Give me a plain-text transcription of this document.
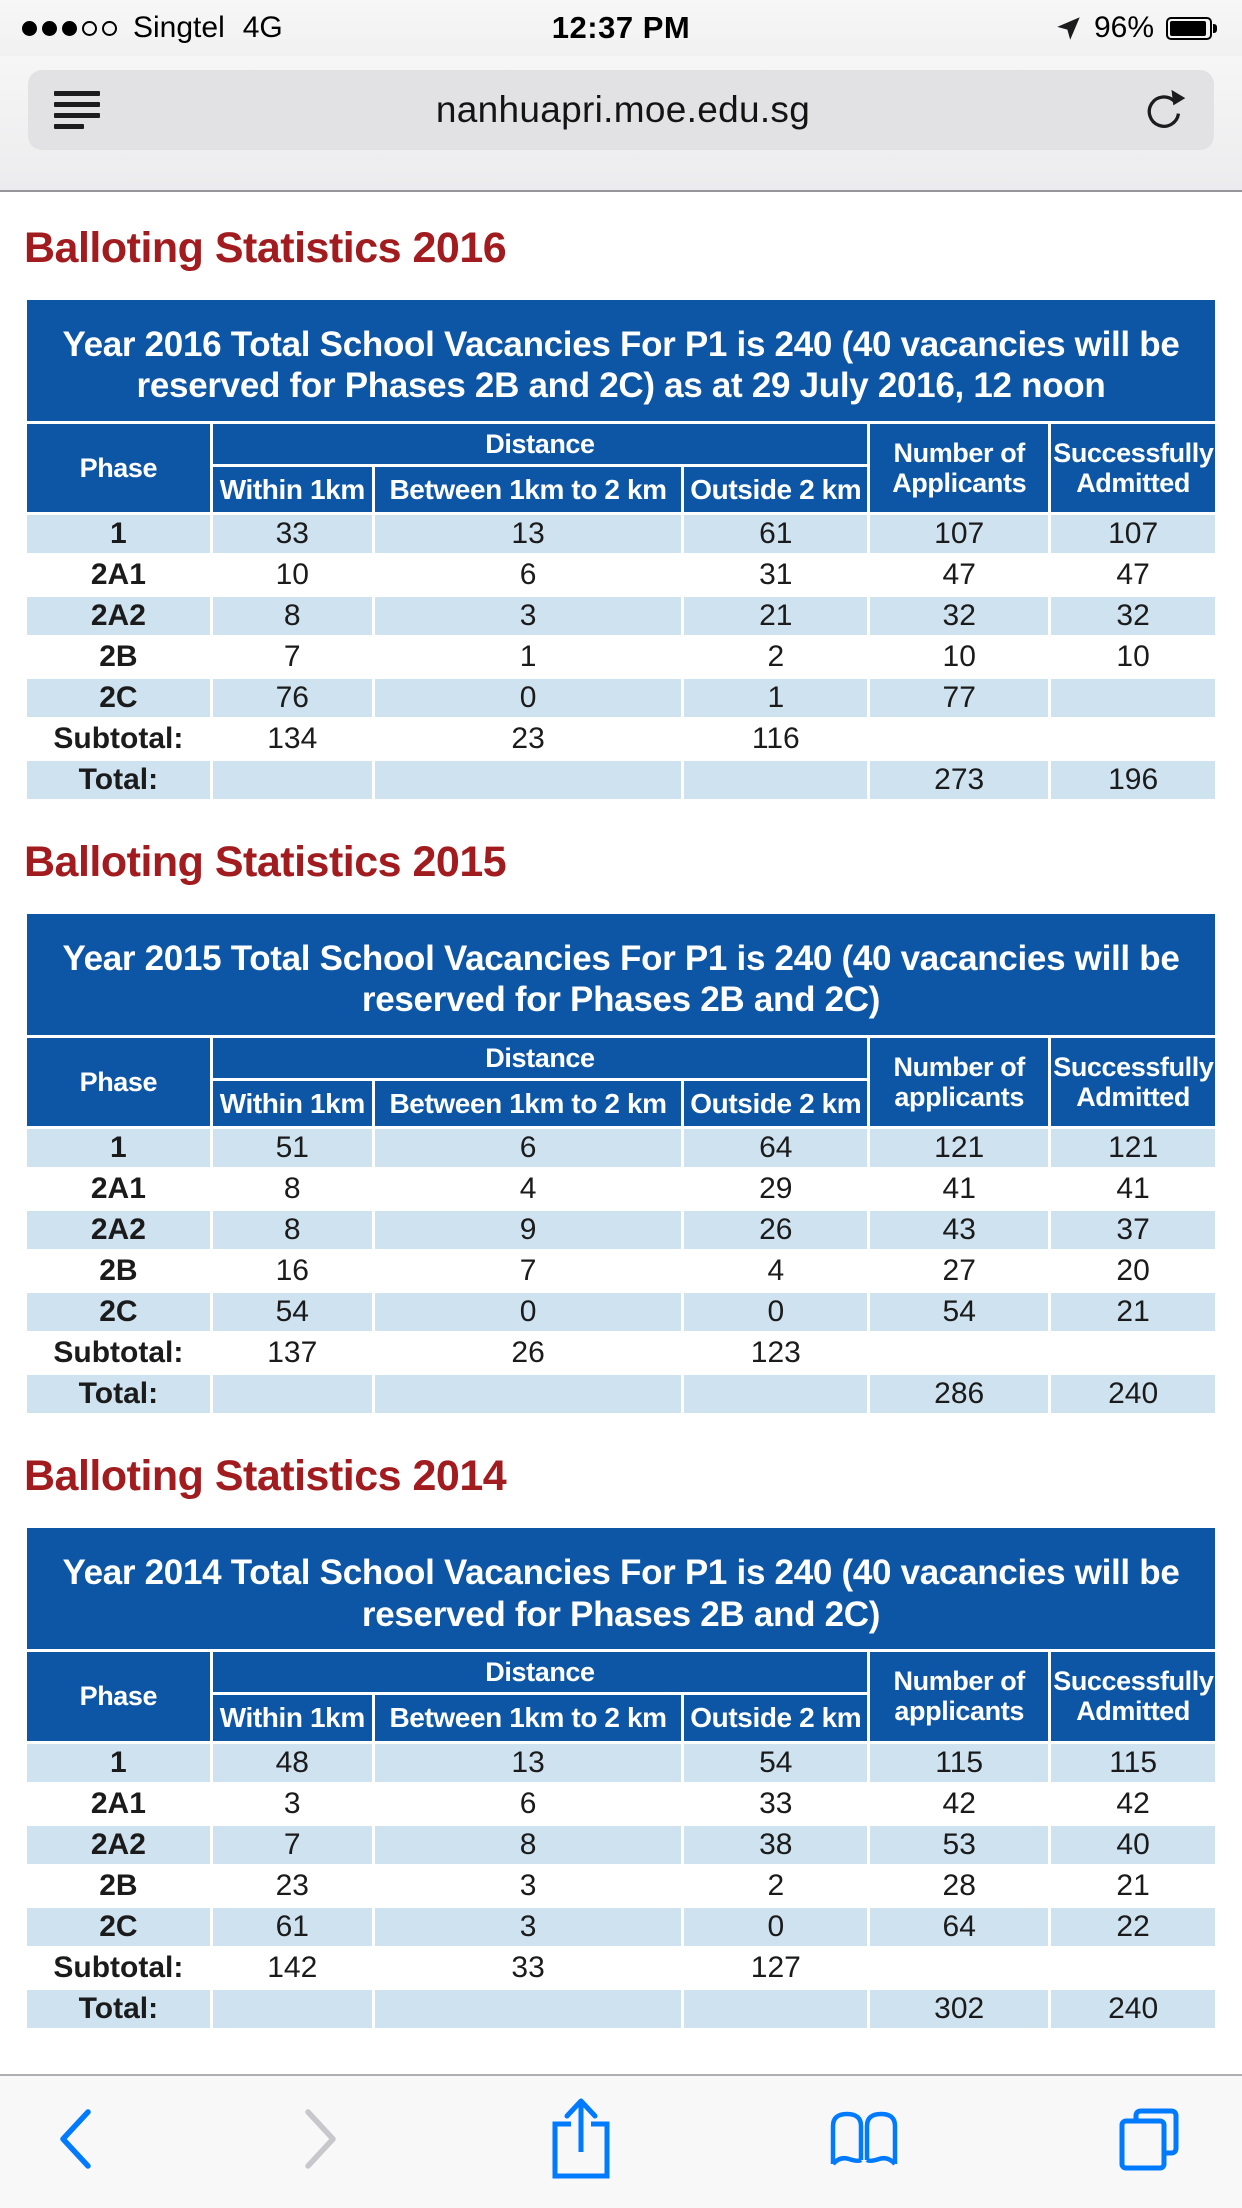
Singtel 4G	12:37 PM	96%
nanhuapri.moe.edu.sg
Balloting Statistics 2016
Year 2016 Total School Vacancies For P1 is 240 (40 vacancies will be reserved for Phases 2B and 2C) as at 29 July 2016, 12 noon					
Phase	Distance			Number of Applicants	Successfully Admitted
	Within 1km	Between 1km to 2 km	Outside 2 km		
1	33	13	61	107	107
2A1	10	6	31	47	47
2A2	8	3	21	32	32
2B	7	1	2	10	10
2C	76	0	1	77	
Subtotal:	134	23	116		
Total:				273	196
Balloting Statistics 2015
Year 2015 Total School Vacancies For P1 is 240 (40 vacancies will be reserved for Phases 2B and 2C)					
Phase	Distance			Number of applicants	Successfully Admitted
	Within 1km	Between 1km to 2 km	Outside 2 km		
1	51	6	64	121	121
2A1	8	4	29	41	41
2A2	8	9	26	43	37
2B	16	7	4	27	20
2C	54	0	0	54	21
Subtotal:	137	26	123		
Total:				286	240
Balloting Statistics 2014
Year 2014 Total School Vacancies For P1 is 240 (40 vacancies will be reserved for Phases 2B and 2C)					
Phase	Distance			Number of applicants	Successfully Admitted
	Within 1km	Between 1km to 2 km	Outside 2 km		
1	48	13	54	115	115
2A1	3	6	33	42	42
2A2	7	8	38	53	40
2B	23	3	2	28	21
2C	61	3	0	64	22
Subtotal:	142	33	127		
Total:				302	240
